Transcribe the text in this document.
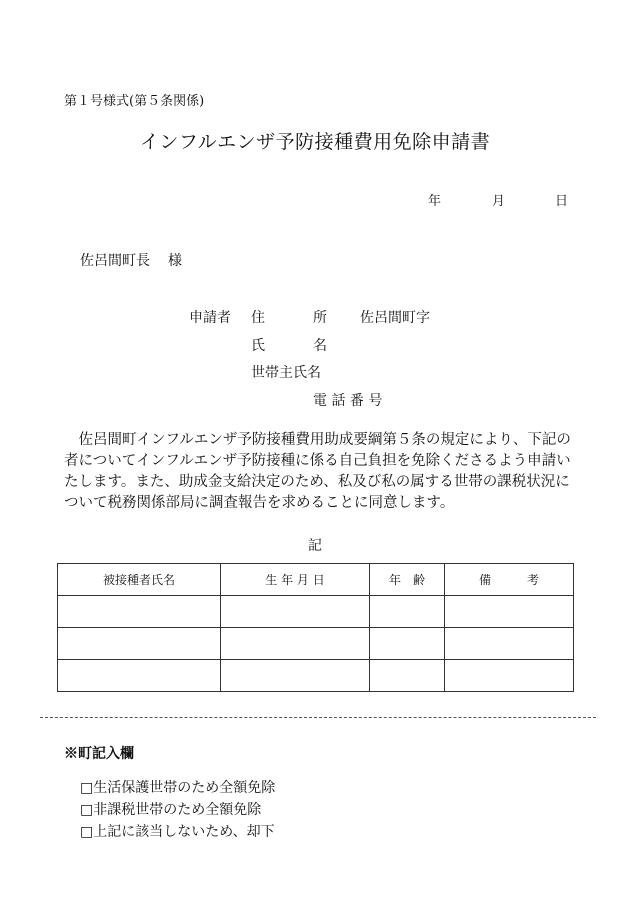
第１号様式(第５条関係)
インフルエンザ予防接種費用免除申請書
年	月	日
佐呂間町長 様
申請者 住	所 佐呂間町字
氏	名
世帯主氏名
電 話 番 号
佐呂間町インフルエンザ予防接種費用助成要綱第５条の規定により、下記の者についてインフルエンザ予防接種に係る自己負担を免除くださるよう申請いたします。また、助成金支給決定のため、私及び私の属する世帯の課税状況について税務関係部局に調査報告を求めることに同意します。
記
被接種者氏名	生 年 月 日	年　齢	備　　　考

※町記入欄
□生活保護世帯のため全額免除
□非課税世帯のため全額免除
□上記に該当しないため、却下
